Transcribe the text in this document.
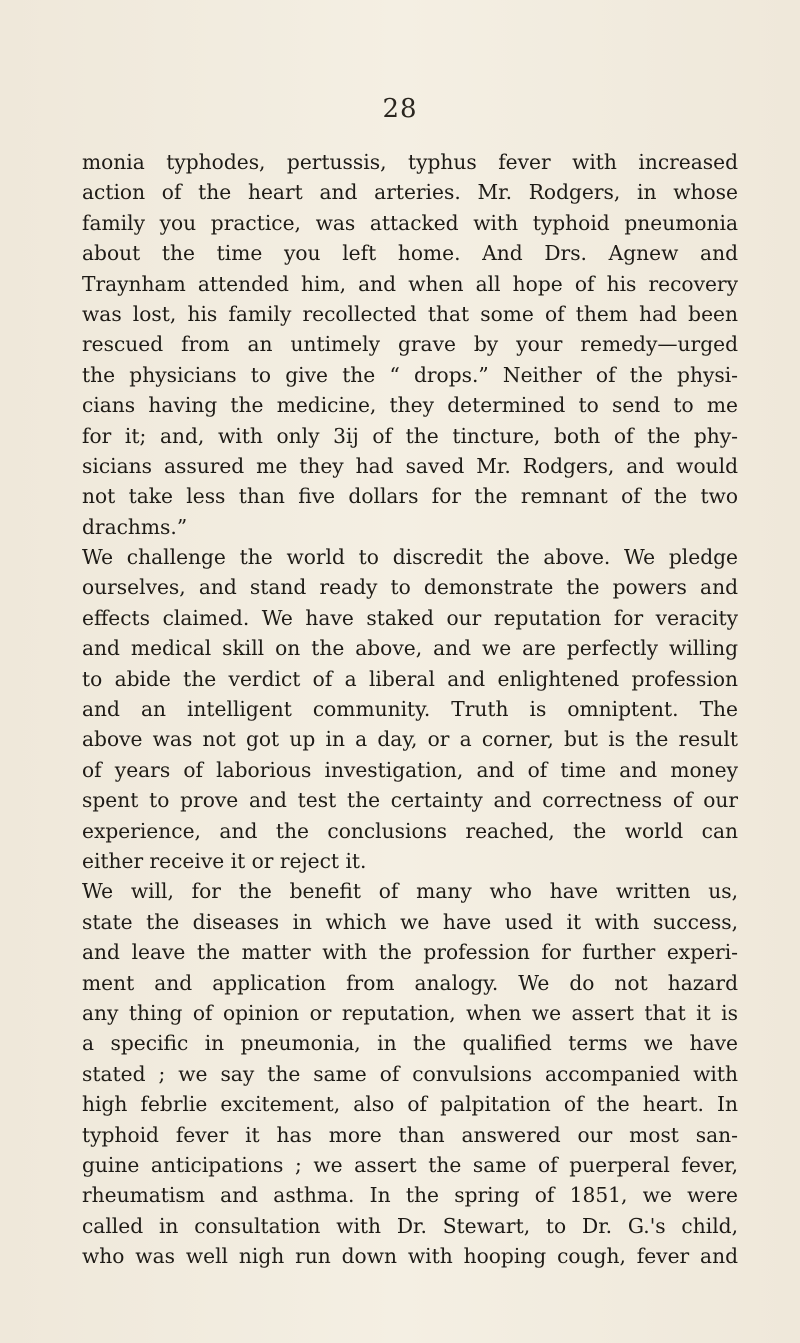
28
monia typhodes, pertussis, typhus fever with increased
action of the heart and arteries. Mr. Rodgers, in whose
family you practice, was attacked with typhoid pneumonia
about the time you left home. And Drs. Agnew and
Traynham attended him, and when all hope of his recovery
was lost, his family recollected that some of them had been
rescued from an untimely grave by your remedy—urged
the physicians to give the “ drops.” Neither of the physi-
cians having the medicine, they determined to send to me
for it; and, with only 3ij of the tincture, both of the phy-
sicians assured me they had saved Mr. Rodgers, and would
not take less than five dollars for the remnant of the two
drachms.”
We challenge the world to discredit the above. We pledge
ourselves, and stand ready to demonstrate the powers and
effects claimed. We have staked our reputation for veracity
and medical skill on the above, and we are perfectly willing
to abide the verdict of a liberal and enlightened profession
and an intelligent community. Truth is omniptent. The
above was not got up in a day, or a corner, but is the result
of years of laborious investigation, and of time and money
spent to prove and test the certainty and correctness of our
experience, and the conclusions reached, the world can
either receive it or reject it.
We will, for the benefit of many who have written us,
state the diseases in which we have used it with success,
and leave the matter with the profession for further experi-
ment and application from analogy. We do not hazard
any thing of opinion or reputation, when we assert that it is
a specific in pneumonia, in the qualified terms we have
stated ; we say the same of convulsions accompanied with
high febrlie excitement, also of palpitation of the heart. In
typhoid fever it has more than answered our most san-
guine anticipations ; we assert the same of puerperal fever,
rheumatism and asthma. In the spring of 1851, we were
called in consultation with Dr. Stewart, to Dr. G.'s child,
who was well nigh run down with hooping cough, fever and
